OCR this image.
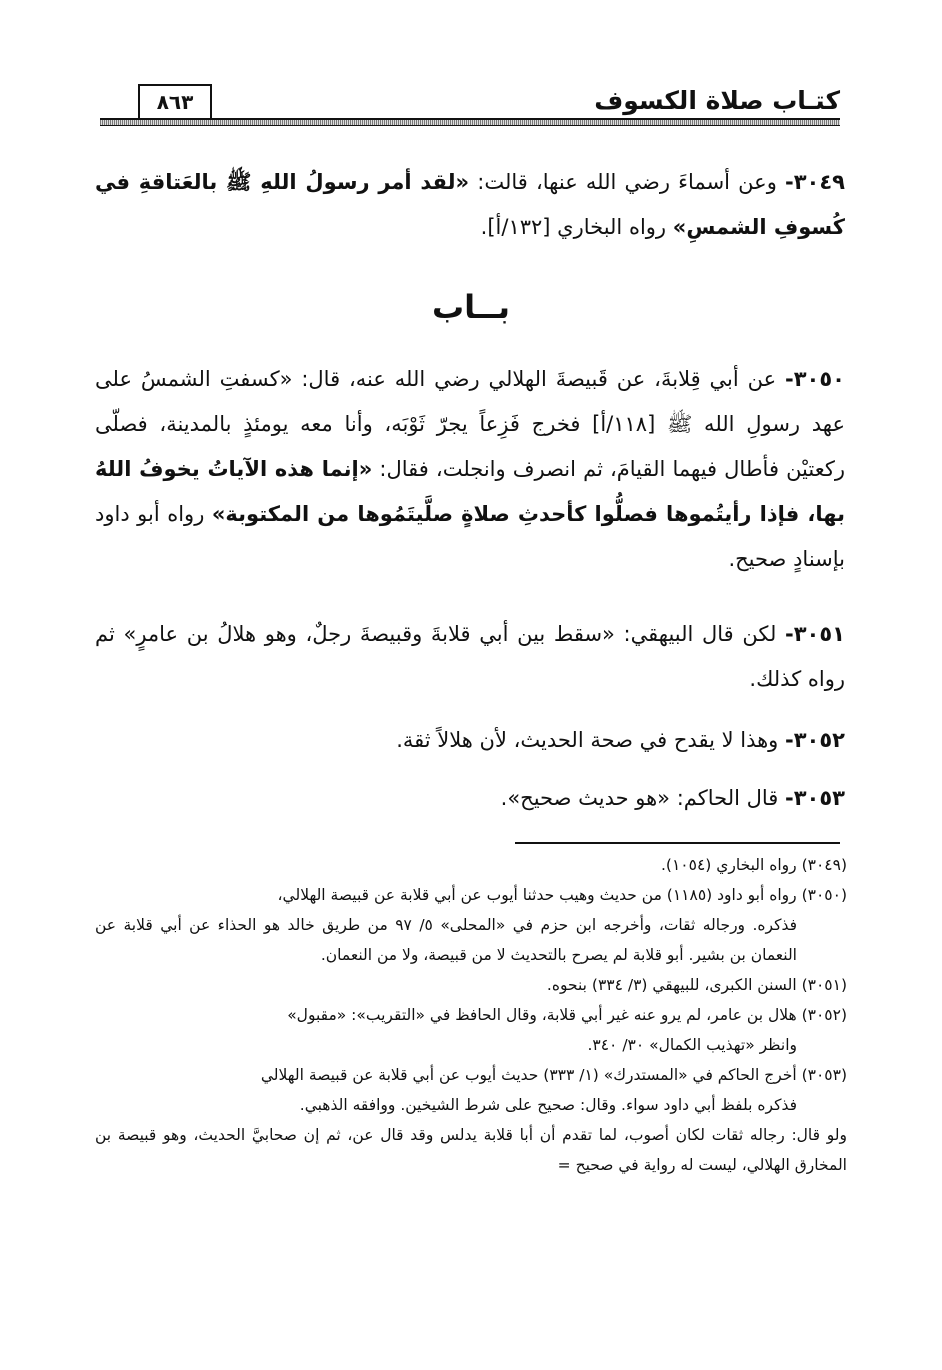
كتـاب صلاة الكسوف
٨٦٣

٣٠٤٩- وعن أسماءَ رضي الله عنها، قالت: «لقد أمر رسولُ اللهِ ﷺ بالعَتاقةِ في كُسوفِ الشمسِ» رواه البخاري [١٣٢/أ].

بــاب

٣٠٥٠- عن أبي قِلابةَ، عن قَبيصةَ الهلالي رضي الله عنه، قال: «كسفتِ الشمسُ على عهد رسولِ الله ﷺ [١١٨/أ] فخرج فَزِعاً يجرّ ثَوْبَه، وأنا معه يومئذٍ بالمدينة، فصلّى ركعتيْن فأطال فيهما القيامَ، ثم انصرف وانجلت، فقال: «إنما هذه الآياتُ يخوفُ اللهُ بها، فإذا رأيتُموها فصلُّوا كأحدثِ صلاةٍ صلَّيتَمُوها من المكتوبة» رواه أبو داود بإسنادٍ صحيح.

٣٠٥١- لكن قال البيهقي: «سقط بين أبي قلابةَ وقبيصةَ رجلٌ، وهو هلالُ بن عامرٍ» ثم رواه كذلك.

٣٠٥٢- وهذا لا يقدح في صحة الحديث، لأن هلالاً ثقة.

٣٠٥٣- قال الحاكم: «هو حديث صحيح».

(٣٠٤٩) رواه البخاري (١٠٥٤).

(٣٠٥٠) رواه أبو داود (١١٨٥) من حديث وهيب حدثنا أيوب عن أبي قلابة عن قبيصة الهلالي،

فذكره. ورجاله ثقات، وأخرجه ابن حزم في «المحلى» ٥/ ٩٧ من طريق خالد هو الحذاء عن أبي قلابة عن النعمان بن بشير. أبو قلابة لم يصرح بالتحديث لا من قبيصة، ولا من النعمان.

(٣٠٥١) السنن الكبرى، للبيهقي (٣/ ٣٣٤) بنحوه.

(٣٠٥٢) هلال بن عامر، لم يرو عنه غير أبي قلابة، وقال الحافظ في «التقريب»: «مقبول»

وانظر «تهذيب الكمال» ٣٠/ ٣٤٠.

(٣٠٥٣) أخرج الحاكم في «المستدرك» (١/ ٣٣٣) حديث أيوب عن أبي قلابة عن قبيصة الهلالي

فذكره بلفظ أبي داود سواء. وقال: صحيح على شرط الشيخين. ووافقه الذهبي.

ولو قال: رجاله ثقات لكان أصوب، لما تقدم أن أبا قلابة يدلس وقد قال عن، ثم إن صحابيَّ الحديث، وهو قبيصة بن المخارق الهلالي، ليست له رواية في صحيح =
